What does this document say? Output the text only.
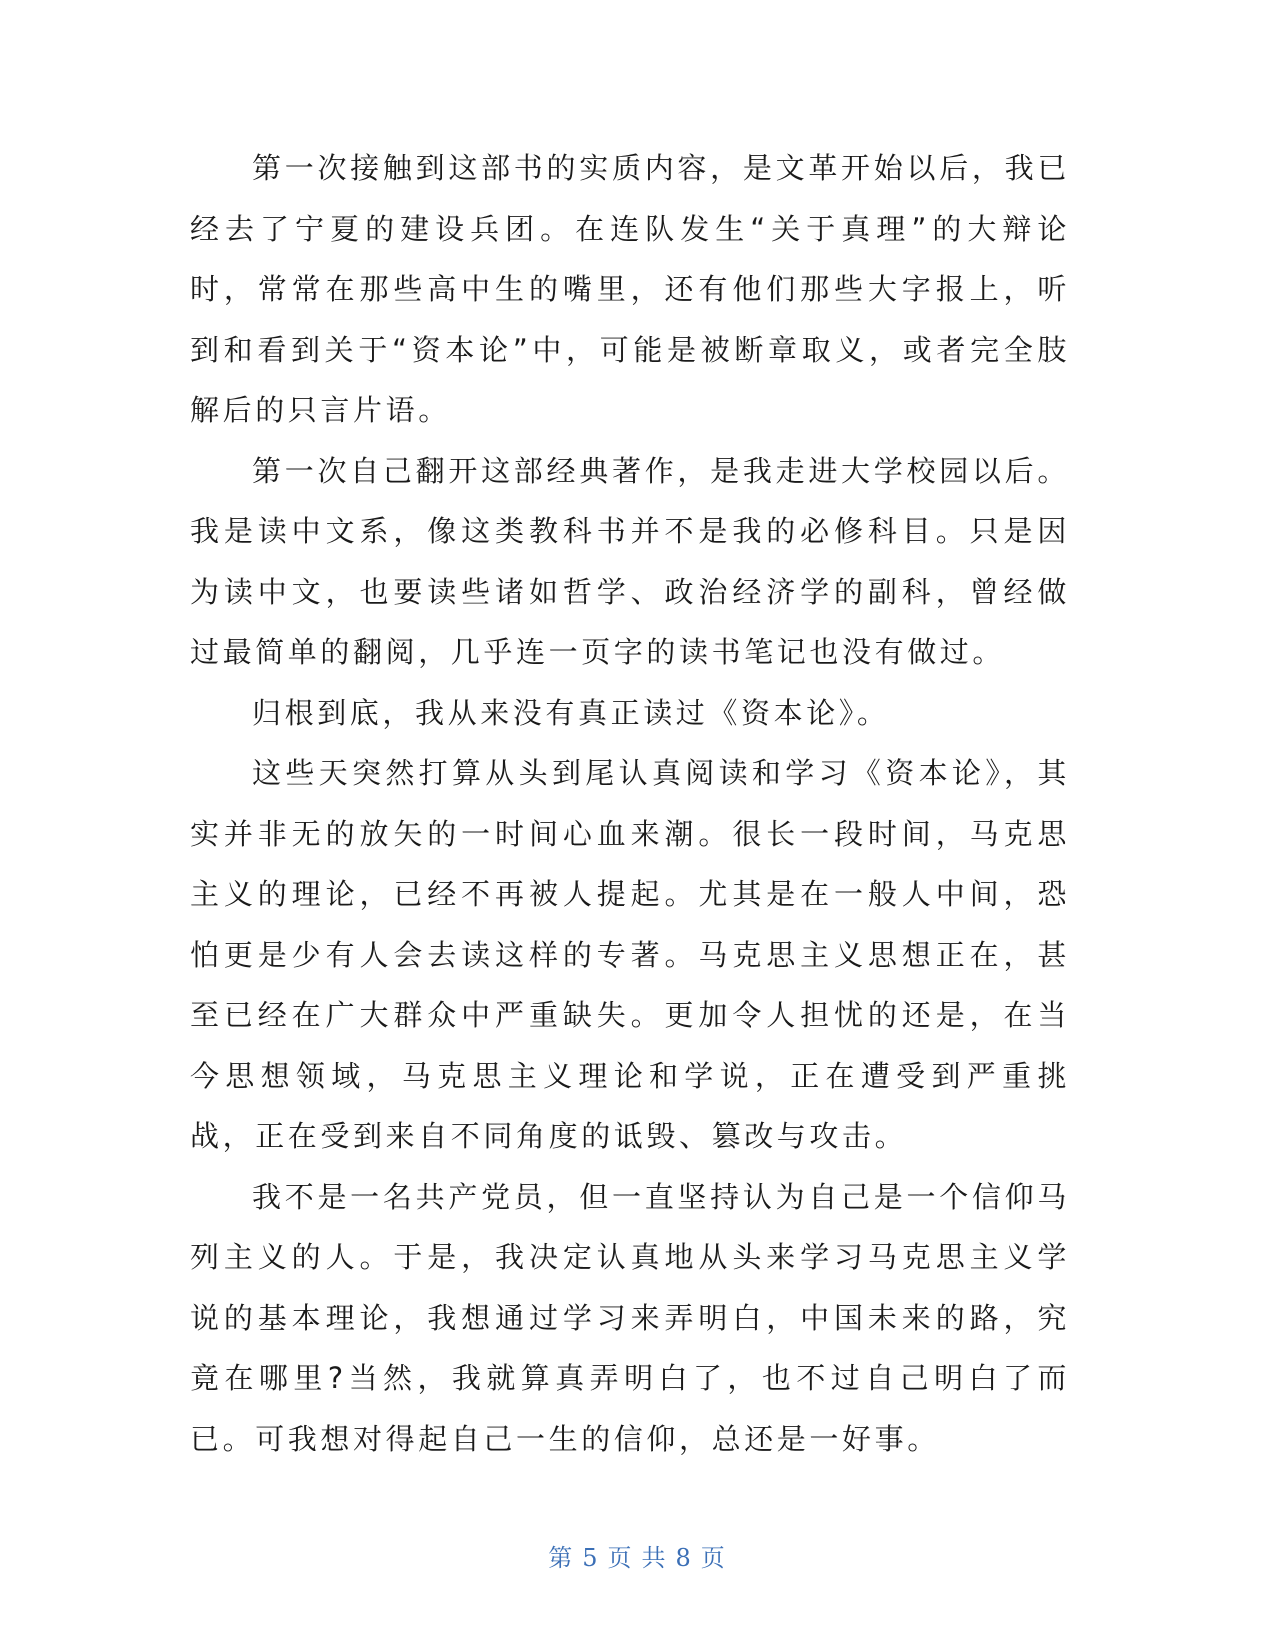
第一次接触到这部书的实质内容，是文革开始以后，我已经去了宁夏的建设兵团。在连队发生“关于真理”的大辩论时，常常在那些高中生的嘴里，还有他们那些大字报上，听到和看到关于“资本论”中，可能是被断章取义，或者完全肢解后的只言片语。

第一次自己翻开这部经典著作，是我走进大学校园以后。我是读中文系，像这类教科书并不是我的必修科目。只是因为读中文，也要读些诸如哲学、政治经济学的副科，曾经做过最简单的翻阅，几乎连一页字的读书笔记也没有做过。

归根到底，我从来没有真正读过《资本论》。

这些天突然打算从头到尾认真阅读和学习《资本论》，其实并非无的放矢的一时间心血来潮。很长一段时间，马克思主义的理论，已经不再被人提起。尤其是在一般人中间，恐怕更是少有人会去读这样的专著。马克思主义思想正在，甚至已经在广大群众中严重缺失。更加令人担忧的还是，在当今思想领域，马克思主义理论和学说，正在遭受到严重挑战，正在受到来自不同角度的诋毁、篡改与攻击。

我不是一名共产党员，但一直坚持认为自己是一个信仰马列主义的人。于是，我决定认真地从头来学习马克思主义学说的基本理论，我想通过学习来弄明白，中国未来的路，究竟在哪里?当然，我就算真弄明白了，也不过自己明白了而已。可我想对得起自己一生的信仰，总还是一好事。

第 5 页 共 8 页
